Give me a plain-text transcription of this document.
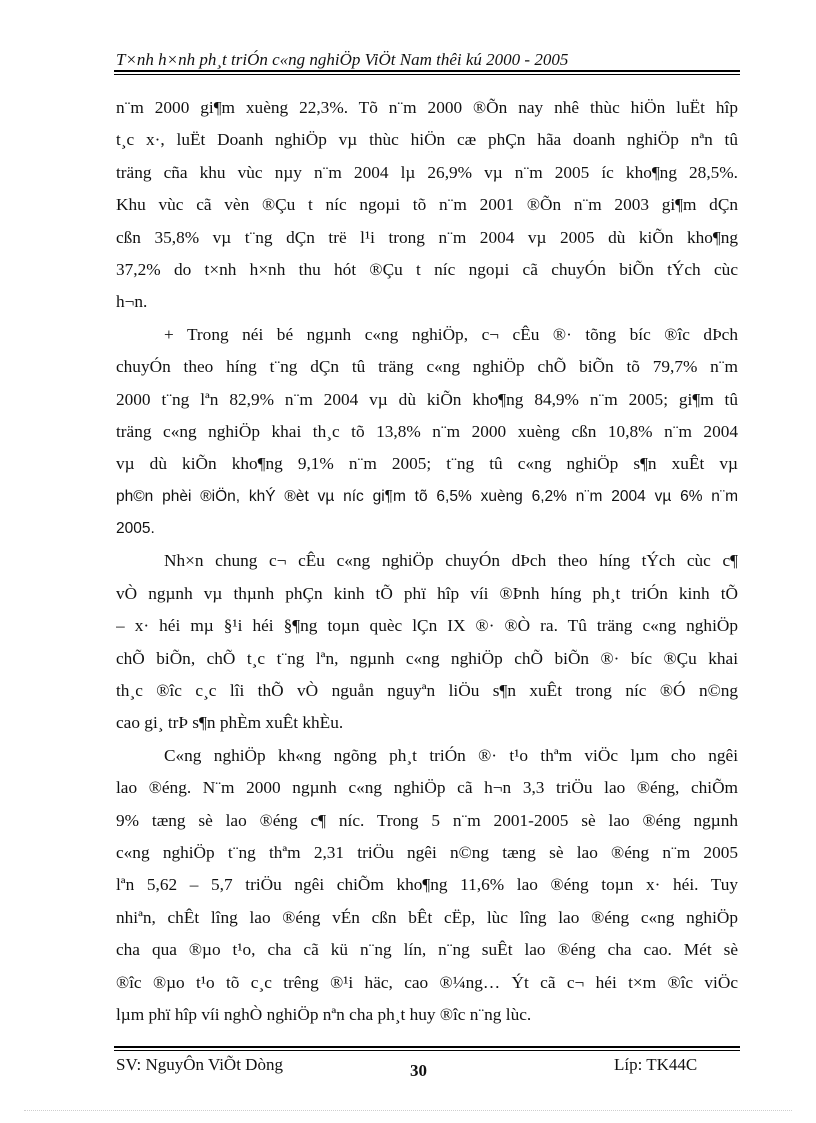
T×nh h×nh ph¸t triÓn c«ng nghiÖp ViÖt Nam thêi kú 2000 - 2005
n¨m 2000 gi¶m xuèng 22,3%. Tõ n¨m 2000 ®Õn nay nhê thùc hiÖn luËt hîp
t¸c x·, luËt Doanh nghiÖp vµ thùc hiÖn cæ phÇn hãa doanh nghiÖp nªn tû
träng cña khu vùc nµy n¨m 2004 lµ 26,9% vµ n¨m 2005 íc kho¶ng 28,5%.
Khu vùc cã vèn ®Çu t níc ngoµi tõ n¨m 2001 ®Õn n¨m 2003 gi¶m dÇn
cßn 35,8% vµ t¨ng dÇn trë l¹i trong n¨m 2004 vµ 2005 dù kiÕn kho¶ng
37,2% do t×nh h×nh thu hót ®Çu t níc ngoµi cã chuyÓn biÕn tÝch cùc
h¬n.
+ Trong néi bé ngµnh c«ng nghiÖp, c¬ cÊu ®· tõng bíc ®îc dÞch
chuyÓn theo híng t¨ng dÇn tû träng c«ng nghiÖp chÕ biÕn tõ 79,7% n¨m
2000 t¨ng lªn 82,9% n¨m 2004 vµ dù kiÕn kho¶ng 84,9% n¨m 2005; gi¶m tû
träng c«ng nghiÖp khai th¸c tõ 13,8% n¨m 2000 xuèng cßn 10,8% n¨m 2004
vµ dù kiÕn kho¶ng 9,1% n¨m 2005; t¨ng tû c«ng nghiÖp s¶n xuÊt vµ
ph©n phèi ®iÖn, khÝ ®èt vµ níc gi¶m tõ 6,5% xuèng 6,2% n¨m 2004 vµ 6% n¨m
2005.
Nh×n chung c¬ cÊu c«ng nghiÖp chuyÓn dÞch theo híng tÝch cùc c¶
vÒ ngµnh vµ thµnh phÇn kinh tÕ phï hîp víi ®Þnh híng ph¸t triÓn kinh tÕ
– x· héi mµ §¹i héi §¶ng toµn quèc lÇn IX ®· ®Ò ra. Tû träng c«ng nghiÖp
chÕ biÕn, chÕ t¸c t¨ng lªn, ngµnh c«ng nghiÖp chÕ biÕn ®· bíc ®Çu khai
th¸c ®îc c¸c lîi thÕ vÒ nguån nguyªn liÖu s¶n xuÊt trong níc ®Ó n©ng
cao gi¸ trÞ s¶n phÈm xuÊt khÈu.
C«ng nghiÖp kh«ng ngõng ph¸t triÓn ®· t¹o thªm viÖc lµm cho ngêi
lao ®éng. N¨m 2000 ngµnh c«ng nghiÖp cã h¬n 3,3 triÖu lao ®éng, chiÕm
9% tæng sè lao ®éng c¶ níc. Trong 5 n¨m 2001-2005 sè lao ®éng ngµnh
c«ng nghiÖp t¨ng thªm 2,31 triÖu ngêi n©ng tæng sè lao ®éng n¨m 2005
lªn 5,62 – 5,7 triÖu ngêi chiÕm kho¶ng 11,6% lao ®éng toµn x· héi. Tuy
nhiªn, chÊt lîng lao ®éng vÉn cßn bÊt cËp, lùc lîng lao ®éng c«ng nghiÖp
cha qua ®µo t¹o, cha cã kü n¨ng lín, n¨ng suÊt lao ®éng cha cao. Mét sè
®îc ®µo t¹o tõ c¸c trêng ®¹i häc, cao ®¼ng… Ýt cã c¬ héi t×m ®îc viÖc
lµm phï hîp víi nghÒ nghiÖp nªn cha ph¸t huy ®îc n¨ng lùc.
SV: NguyÔn ViÕt Dòng	30	Líp: TK44C
